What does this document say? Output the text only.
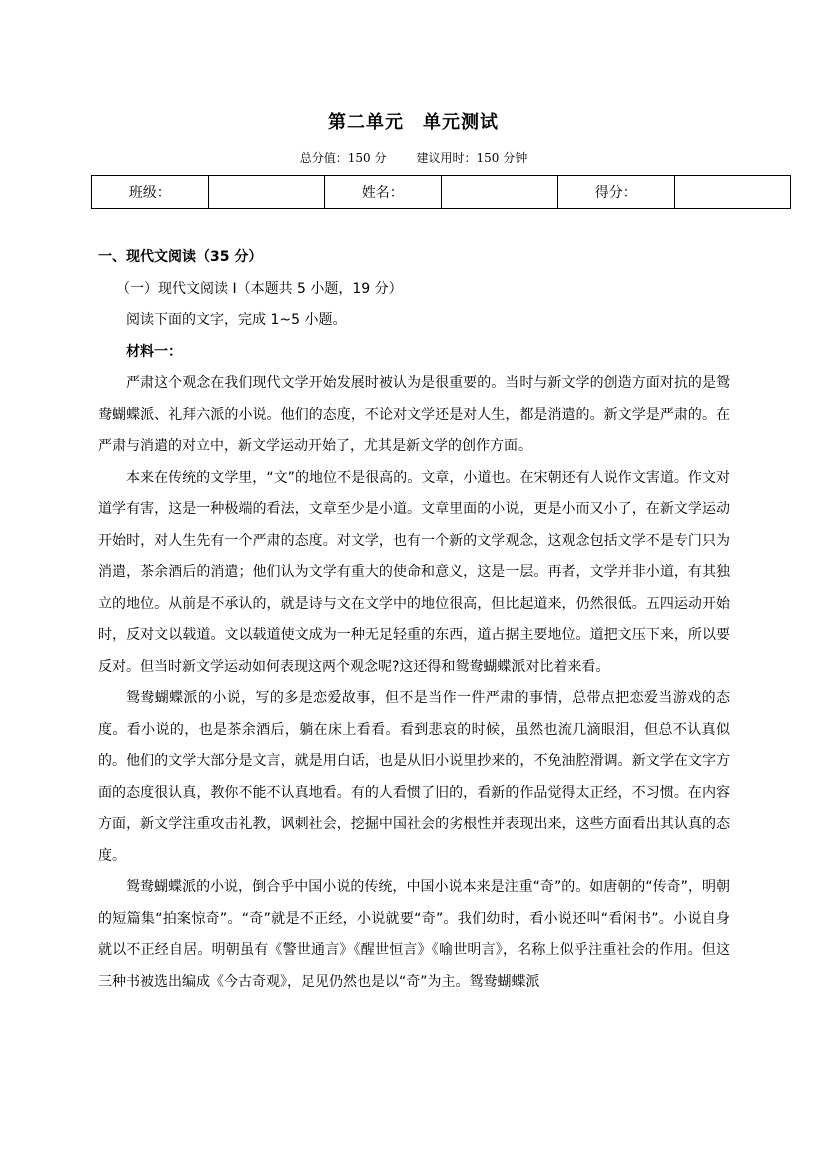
第二单元　单元测试
总分值：150 分	建议用时：150 分钟
班级：		姓名：		得分：	

一、现代文阅读（35 分）

（一）现代文阅读 I（本题共 5 小题，19 分）

阅读下面的文字，完成 1~5 小题。

材料一：

严肃这个观念在我们现代文学开始发展时被认为是很重要的。当时与新文学的创造方面对抗的是鸳鸯蝴蝶派、礼拜六派的小说。他们的态度，不论对文学还是对人生，都是消遣的。新文学是严肃的。在严肃与消遣的对立中，新文学运动开始了，尤其是新文学的创作方面。

本来在传统的文学里，“文”的地位不是很高的。文章，小道也。在宋朝还有人说作文害道。作文对道学有害，这是一种极端的看法，文章至少是小道。文章里面的小说，更是小而又小了，在新文学运动开始时，对人生先有一个严肃的态度。对文学，也有一个新的文学观念，这观念包括文学不是专门只为消遣，茶余酒后的消遣；他们认为文学有重大的使命和意义，这是一层。再者，文学并非小道，有其独立的地位。从前是不承认的，就是诗与文在文学中的地位很高，但比起道来，仍然很低。五四运动开始时，反对文以载道。文以载道使文成为一种无足轻重的东西，道占据主要地位。道把文压下来，所以要反对。但当时新文学运动如何表现这两个观念呢?这还得和鸳鸯蝴蝶派对比着来看。

鸳鸯蝴蝶派的小说，写的多是恋爱故事，但不是当作一件严肃的事情，总带点把恋爱当游戏的态度。看小说的，也是茶余酒后，躺在床上看看。看到悲哀的时候，虽然也流几滴眼泪，但总不认真似的。他们的文学大部分是文言，就是用白话，也是从旧小说里抄来的，不免油腔滑调。新文学在文字方面的态度很认真，教你不能不认真地看。有的人看惯了旧的，看新的作品觉得太正经，不习惯。在内容方面，新文学注重攻击礼教，讽刺社会，挖掘中国社会的劣根性并表现出来，这些方面看出其认真的态度。

鸳鸯蝴蝶派的小说，倒合乎中国小说的传统，中国小说本来是注重“奇”的。如唐朝的“传奇”，明朝的短篇集“拍案惊奇”。“奇”就是不正经，小说就要“奇”。我们幼时，看小说还叫“看闲书”。小说自身就以不正经自居。明朝虽有《警世通言》《醒世恒言》《喻世明言》，名称上似乎注重社会的作用。但这三种书被选出编成《今古奇观》，足见仍然也是以“奇”为主。鸳鸯蝴蝶派
